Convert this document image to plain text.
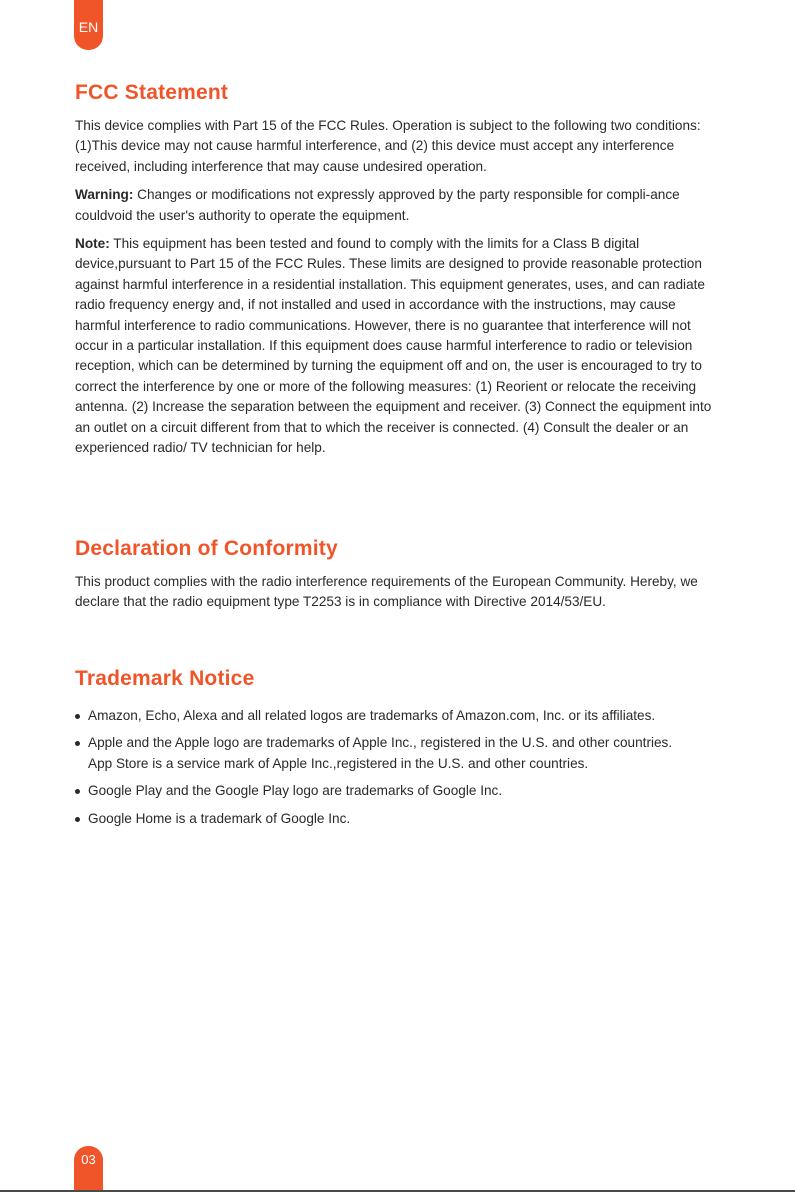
EN
FCC Statement

This device complies with Part 15 of the FCC Rules. Operation is subject to the following two conditions: (1)This device may not cause harmful interference, and (2) this device must accept any interference received, including interference that may cause undesired operation.

Warning: Changes or modifications not expressly approved by the party responsible for compli-ance couldvoid the user's authority to operate the equipment.

Note: This equipment has been tested and found to comply with the limits for a Class B digital device,pursuant to Part 15 of the FCC Rules. These limits are designed to provide reasonable protection against harmful interference in a residential installation. This equipment generates, uses, and can radiate radio frequency energy and, if not installed and used in accordance with the instructions, may cause harmful interference to radio communications. However, there is no guarantee that interference will not occur in a particular installation. If this equipment does cause harmful interference to radio or television reception, which can be determined by turning the equipment off and on, the user is encouraged to try to correct the interference by one or more of the following measures: (1) Reorient or relocate the receiving antenna. (2) Increase the separation between the equipment and receiver. (3) Connect the equipment into an outlet on a circuit different from that to which the receiver is connected. (4) Consult the dealer or an experienced radio/ TV technician for help.

Declaration of Conformity

This product complies with the radio interference requirements of the European Community. Hereby, we declare that the radio equipment type T2253 is in compliance with Directive 2014/53/EU.

Trademark Notice
Amazon, Echo, Alexa and all related logos are trademarks of Amazon.com, Inc. or its affiliates.
Apple and the Apple logo are trademarks of Apple Inc., registered in the U.S. and other countries.
App Store is a service mark of Apple Inc.,registered in the U.S. and other countries.
Google Play and the Google Play logo are trademarks of Google Inc.
Google Home is a trademark of Google Inc.
03
